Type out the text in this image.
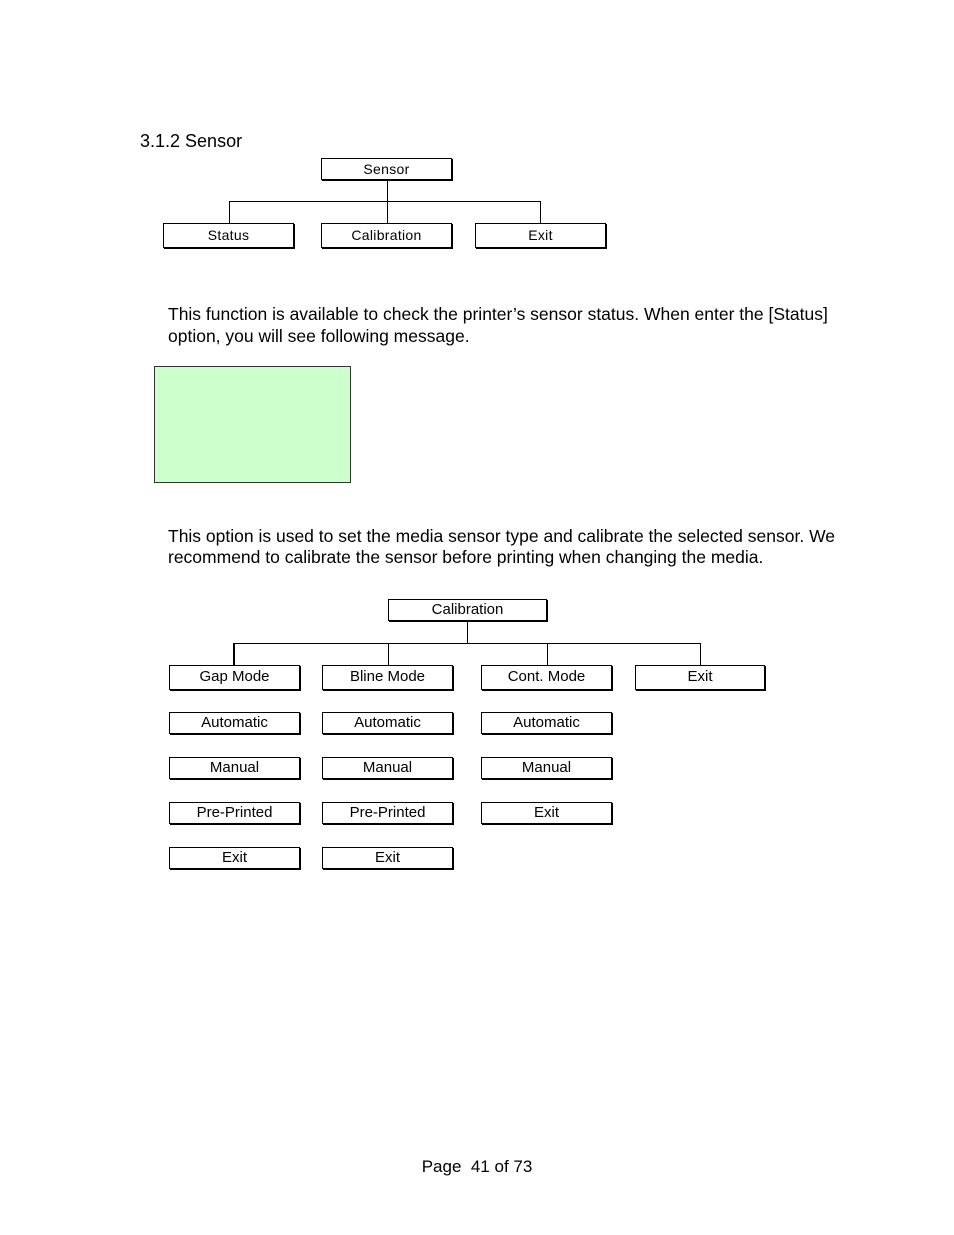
3.1.2 Sensor
Sensor
Status	Calibration	Exit
This function is available to check the printer’s sensor status. When enter the [Status]
option, you will see following message.
This option is used to set the media sensor type and calibrate the selected sensor. We
recommend to calibrate the sensor before printing when changing the media.
Calibration
Gap Mode	Bline Mode	Cont. Mode	Exit
Automatic
Manual
Pre-Printed
Exit
Automatic
Manual
Pre-Printed
Exit
Automatic
Manual
Exit
Page  41 of 73
